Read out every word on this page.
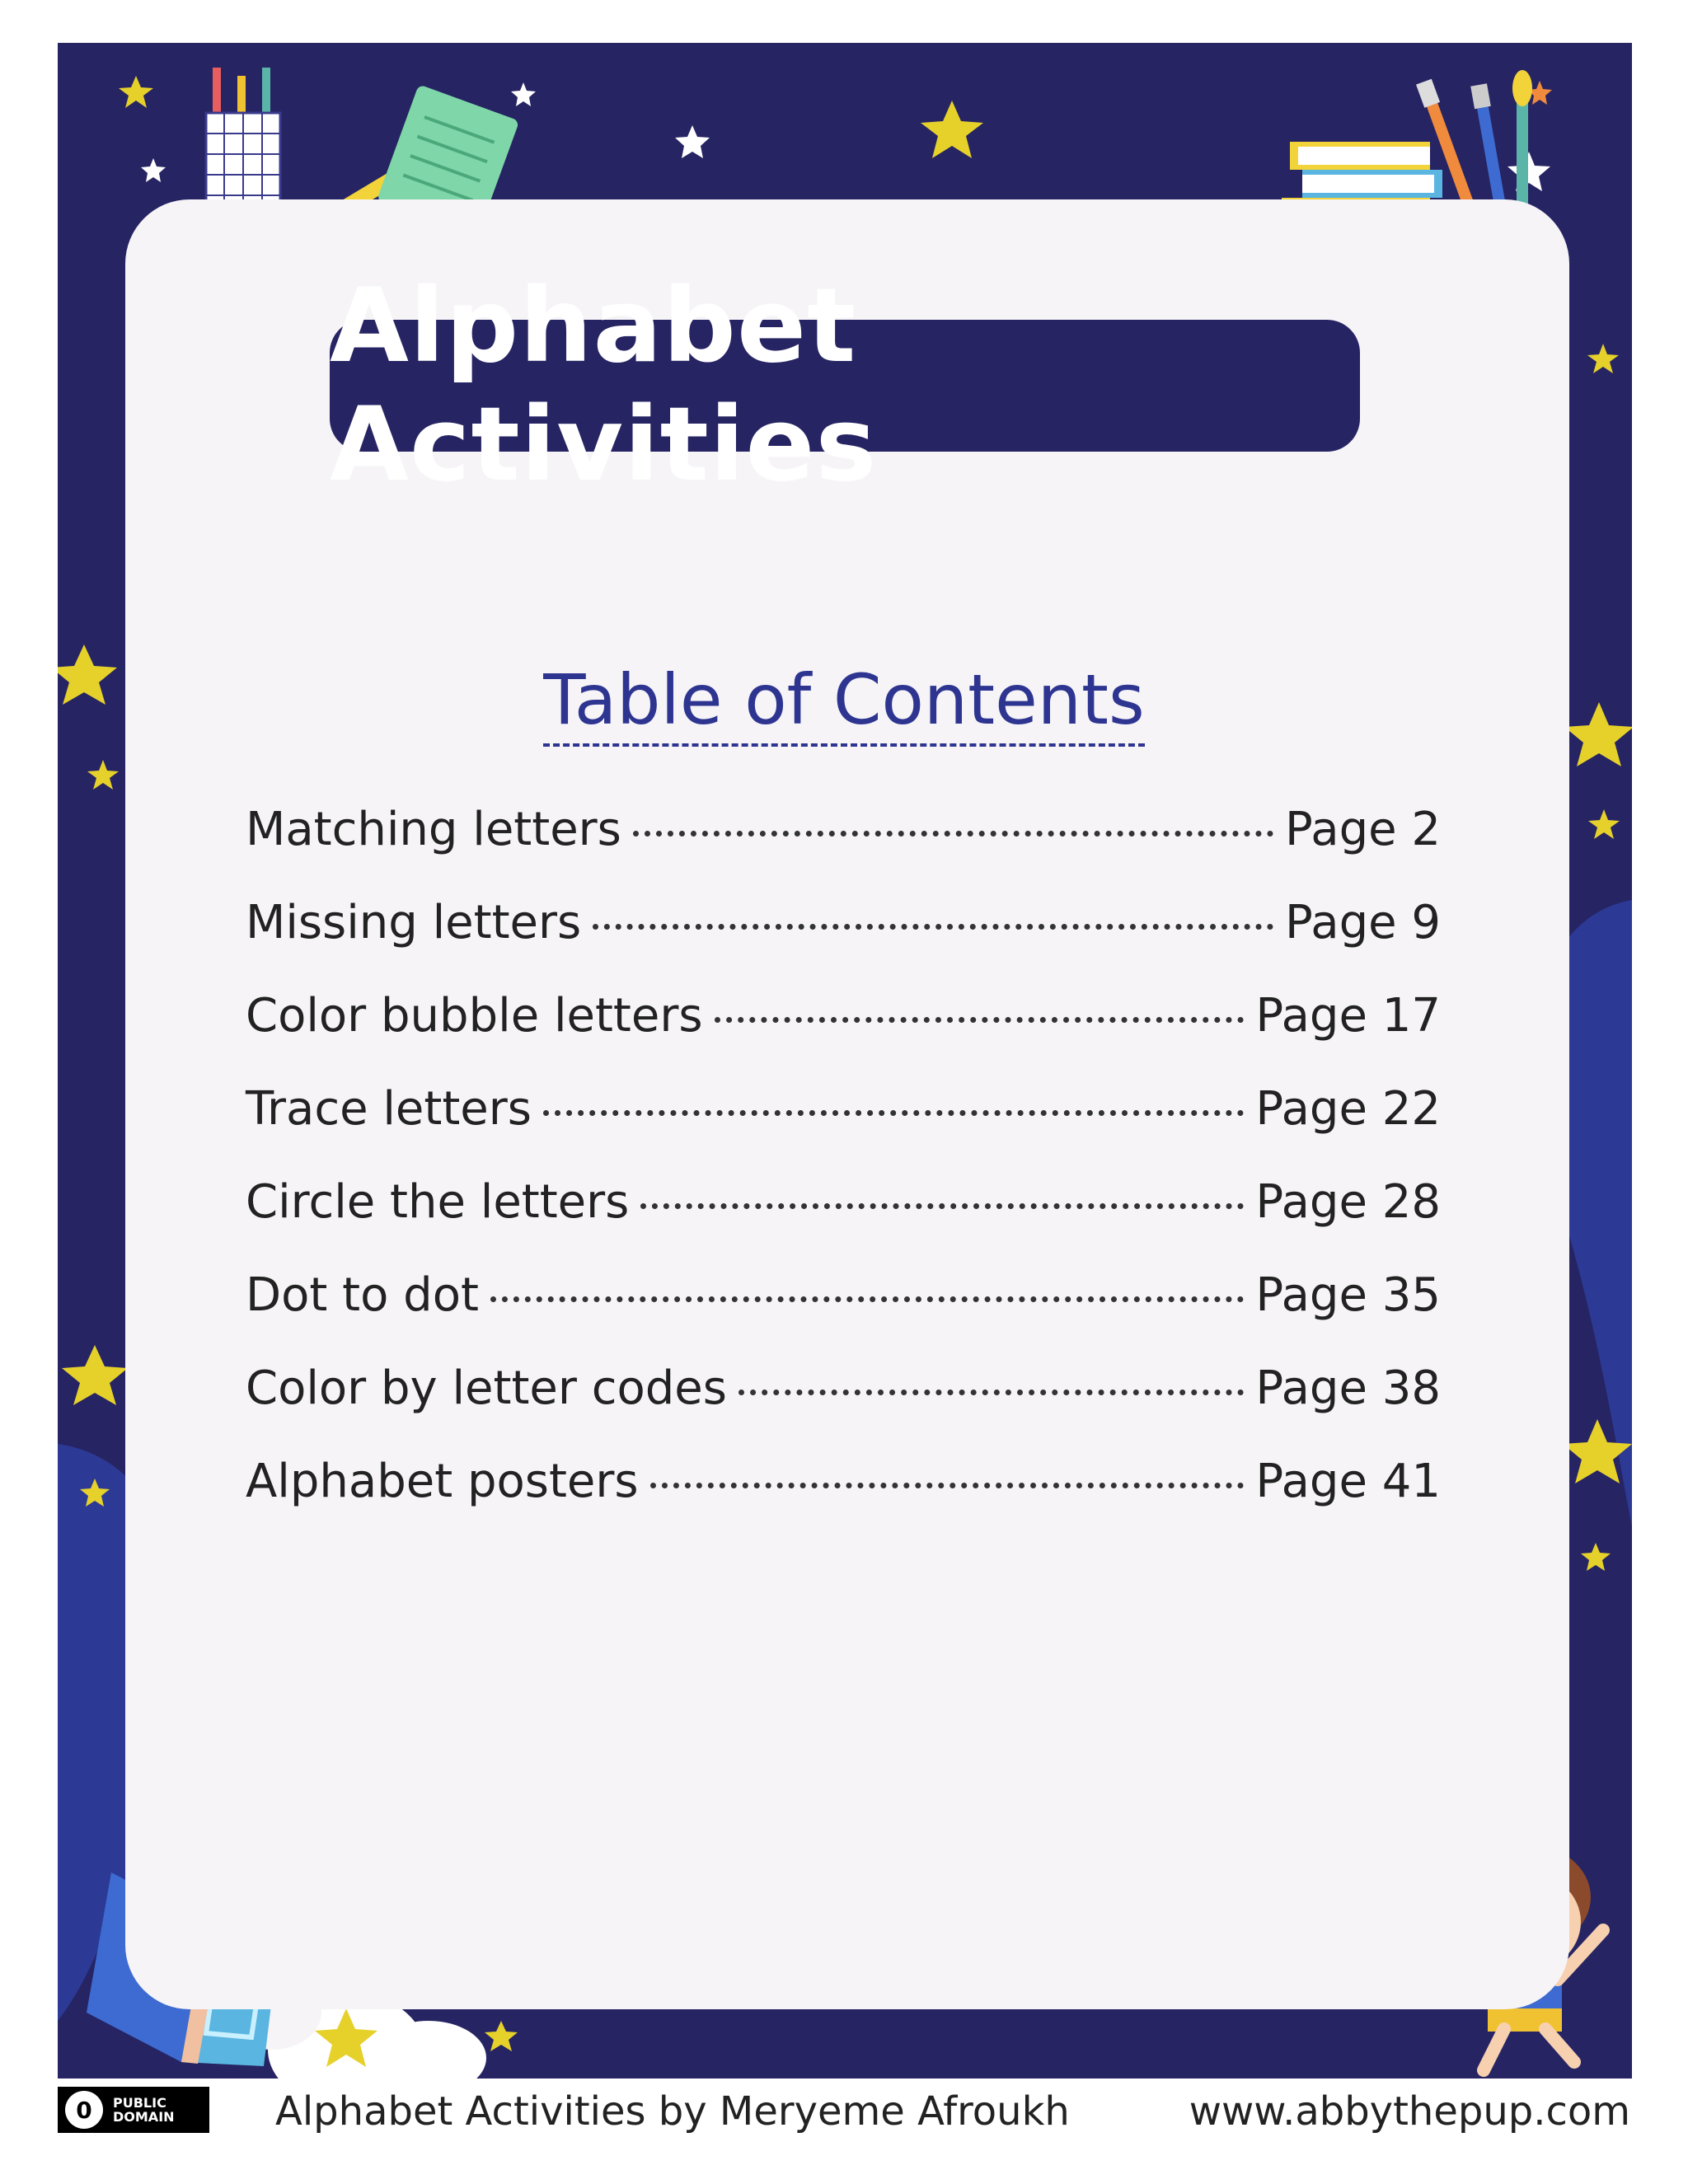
Alphabet Activities
Table of Contents
Matching letters	Page 2
Missing letters	Page 9
Color bubble letters	Page 17
Trace letters	Page 22
Circle the letters	Page 28
Dot to dot	Page 35
Color by letter codes	Page 38
Alphabet posters	Page 41
0 PUBLIC
DOMAIN	Alphabet Activities by Meryeme Afroukh	www.abbythepup.com
